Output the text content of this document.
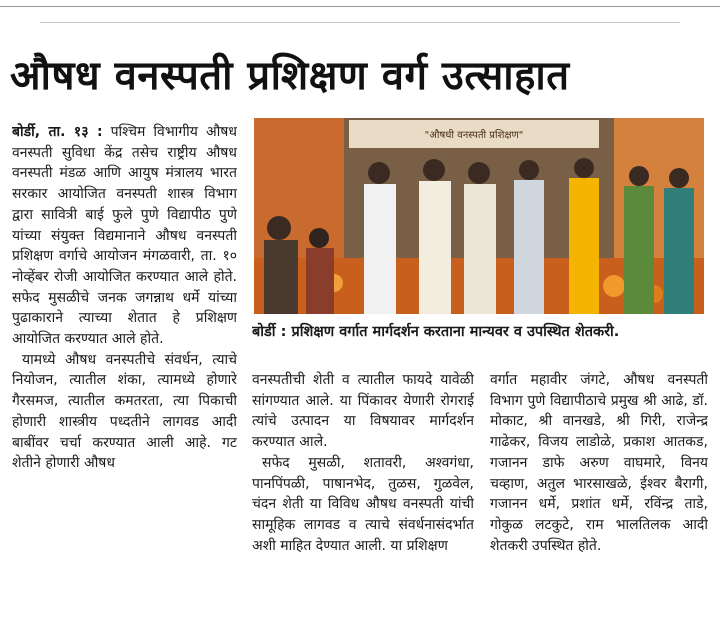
औषध वनस्पती प्रशिक्षण वर्ग उत्साहात

बोर्डी, ता. १३ : पश्चिम विभागीय औषध वनस्पती सुविधा केंद्र तसेच राष्ट्रीय औषध वनस्पती मंडळ आणि आयुष मंत्रालय भारत सरकार आयोजित वनस्पती शास्त्र विभाग द्वारा सावित्री बाई फुले पुणे विद्यापीठ पुणे यांच्या संयुक्त विद्यमानाने औषध वनस्पती प्रशिक्षण वर्गाचे आयोजन मंगळवारी, ता. १० नोव्हेंबर रोजी आयोजित करण्यात आले होते. सफेद मुसळीचे जनक जगन्नाथ धर्मे यांच्या पुढाकाराने त्याच्या शेतात हे प्रशिक्षण आयोजित करण्यात आले होते.

यामध्ये औषध वनस्पतीचे संवर्धन, त्याचे नियोजन, त्यातील शंका, त्यामध्ये होणारे गैरसमज, त्यातील कमतरता, त्या पिकाची होणारी शास्त्रीय पध्दतीने लागवड आदी बाबींवर चर्चा करण्यात आली आहे. गट शेतीने होणारी औषध

"औषधी वनस्पती प्रशिक्षण"
बोर्डी : प्रशिक्षण वर्गात मार्गदर्शन करताना मान्यवर व उपस्थित शेतकरी.

वनस्पतीची शेती व त्यातील फायदे यावेळी सांगण्यात आले. या पिंकावर येणारी रोगराई त्यांचे उत्पादन या विषयावर मार्गदर्शन करण्यात आले.

सफेद मुसळी, शतावरी, अश्वगंधा, पानपिंपळी, पाषानभेद, तुळस, गुळवेल, चंदन शेती या विविध औषध वनस्पती यांची सामूहिक लागवड व त्याचे संवर्धनासंदर्भात अशी माहित देण्यात आली. या प्रशिक्षण

वर्गात महावीर जंगटे, औषध वनस्पती विभाग पुणे विद्यापीठाचे प्रमुख श्री आढे, डॉ. मोकाट, श्री वानखडे, श्री गिरी, राजेन्द्र गाढेकर, विजय लाडोळे, प्रकाश आतकड, गजानन डाफे अरुण वाघमारे, विनय चव्हाण, अतुल भारसाखळे, ईश्वर बैरागी, गजानन धर्मे, प्रशांत धर्मे, रविंन्द्र ताडे, गोकुळ लटकुटे, राम भालतिलक आदी शेतकरी उपस्थित होते.
